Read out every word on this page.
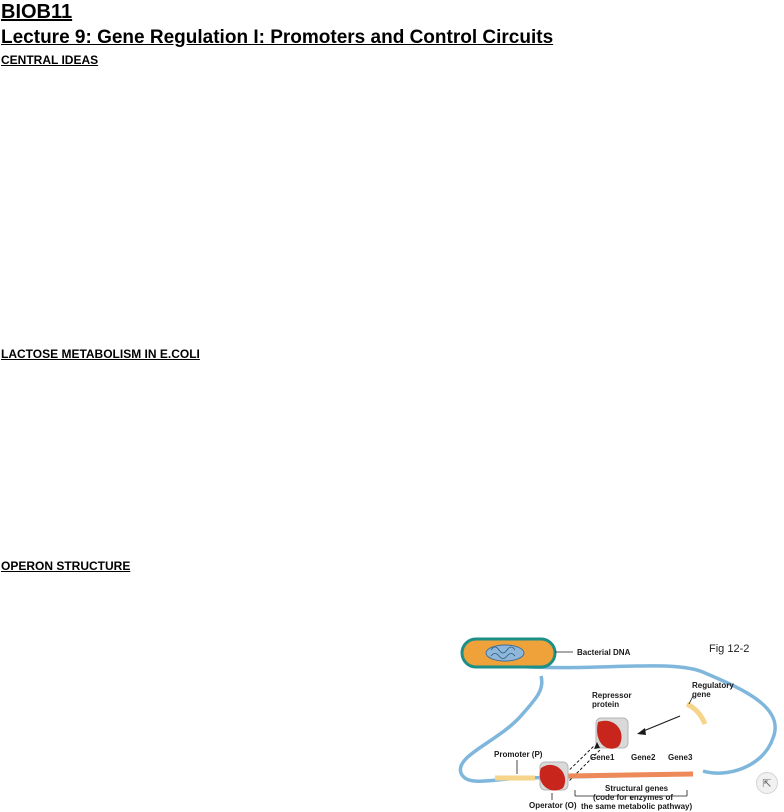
BIOB11
Lecture 9: Gene Regulation I: Promoters and Control Circuits
CENTRAL IDEAS
LACTOSE METABOLISM IN E.COLI
OPERON STRUCTURE
Fig 12-2
Bacterial DNA
Regulatory
gene
Repressor
protein
Promoter (P)	Gene1 Gene2 Gene3
Operator (O)
Structural genes
(code for enzymes of
the same metabolic pathway)
⇱
